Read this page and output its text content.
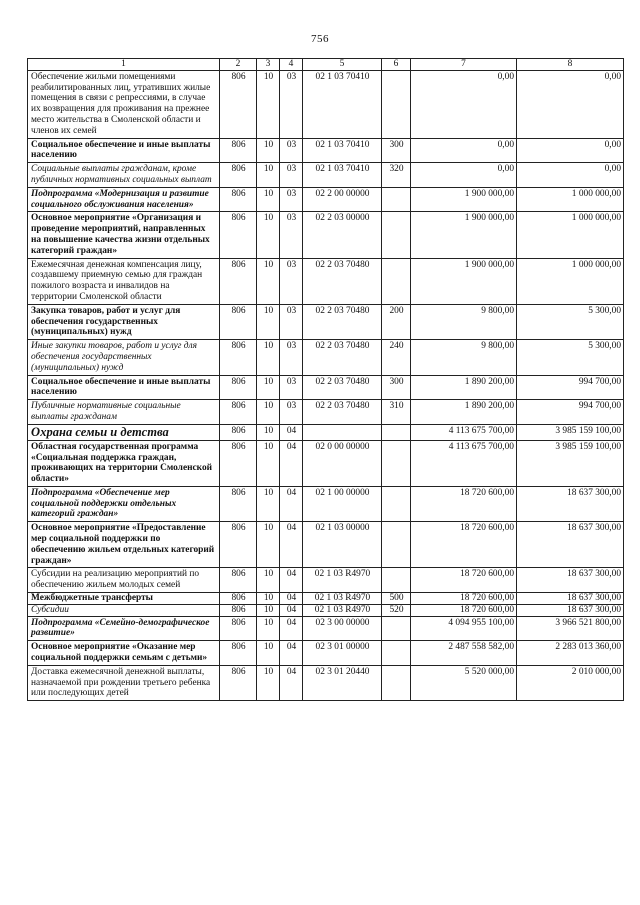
756
1	2	3	4	5	6	7	8
Обеспечение жильми помещениями реабилитированных лиц, утративших жилые помещения в связи с репрессиями, в случае их возвращения для проживания на прежнее место жительства в Смоленской области и членов их семей	806	10	03	02 1 03 70410		0,00	0,00
Социальное обеспечение и иные выплаты населению	806	10	03	02 1 03 70410	300	0,00	0,00
Социальные выплаты гражданам, кроме публичных нормативных социальных выплат	806	10	03	02 1 03 70410	320	0,00	0,00
Подпрограмма «Модернизация и развитие социального обслуживания населения»	806	10	03	02 2 00 00000		1 900 000,00	1 000 000,00
Основное мероприятие «Организация и проведение мероприятий, направленных на повышение качества жизни отдельных категорий граждан»	806	10	03	02 2 03 00000		1 900 000,00	1 000 000,00
Ежемесячная денежная компенсация лицу, создавшему приемную семью для граждан пожилого возраста и инвалидов на территории Смоленской области	806	10	03	02 2 03 70480		1 900 000,00	1 000 000,00
Закупка товаров, работ и услуг для обеспечения государственных (муниципальных) нужд	806	10	03	02 2 03 70480	200	9 800,00	5 300,00
Иные закупки товаров, работ и услуг для обеспечения государственных (муниципальных) нужд	806	10	03	02 2 03 70480	240	9 800,00	5 300,00
Социальное обеспечение и иные выплаты населению	806	10	03	02 2 03 70480	300	1 890 200,00	994 700,00
Публичные нормативные социальные выплаты гражданам	806	10	03	02 2 03 70480	310	1 890 200,00	994 700,00
Охрана семьи и детства	806	10	04			4 113 675 700,00	3 985 159 100,00
Областная государственная программа «Социальная поддержка граждан, проживающих на территории Смоленской области»	806	10	04	02 0 00 00000		4 113 675 700,00	3 985 159 100,00
Подпрограмма «Обеспечение мер социальной поддержки отдельных категорий граждан»	806	10	04	02 1 00 00000		18 720 600,00	18 637 300,00
Основное мероприятие «Предоставление мер социальной поддержки по обеспечению жильем отдельных категорий граждан»	806	10	04	02 1 03 00000		18 720 600,00	18 637 300,00
Субсидии на реализацию мероприятий по обеспечению жильем молодых семей	806	10	04	02 1 03 R4970		18 720 600,00	18 637 300,00
Межбюджетные трансферты	806	10	04	02 1 03 R4970	500	18 720 600,00	18 637 300,00
Субсидии	806	10	04	02 1 03 R4970	520	18 720 600,00	18 637 300,00
Подпрограмма «Семейно-демографическое развитие»	806	10	04	02 3 00 00000		4 094 955 100,00	3 966 521 800,00
Основное мероприятие «Оказание мер социальной поддержки семьям с детьми»	806	10	04	02 3 01 00000		2 487 558 582,00	2 283 013 360,00
Доставка ежемесячной денежной выплаты, назначаемой при рождении третьего ребенка или последующих детей	806	10	04	02 3 01 20440		5 520 000,00	2 010 000,00
